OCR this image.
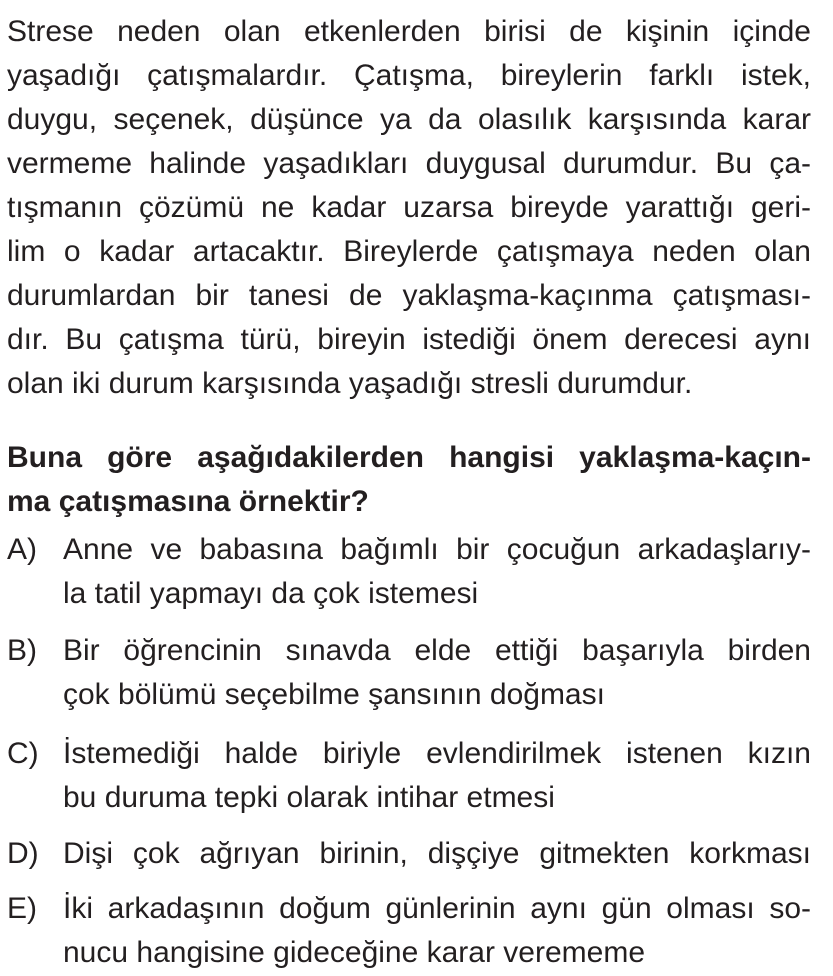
Strese neden olan etkenlerden birisi de kişinin içinde
yaşadığı çatışmalardır. Çatışma, bireylerin farklı istek,
duygu, seçenek, düşünce ya da olasılık karşısında karar
vermeme halinde yaşadıkları duygusal durumdur. Bu ça-
tışmanın çözümü ne kadar uzarsa bireyde yarattığı geri-
lim o kadar artacaktır. Bireylerde çatışmaya neden olan
durumlardan bir tanesi de yaklaşma-kaçınma çatışması-
dır. Bu çatışma türü, bireyin istediği önem derecesi aynı
olan iki durum karşısında yaşadığı stresli durumdur.
Buna göre aşağıdakilerden hangisi yaklaşma-kaçın-
ma çatışmasına örnektir?
A) Anne ve babasına bağımlı bir çocuğun arkadaşlarıy-
la tatil yapmayı da çok istemesi
B) Bir öğrencinin sınavda elde ettiği başarıyla birden
çok bölümü seçebilme şansının doğması
C) İstemediği halde biriyle evlendirilmek istenen kızın
bu duruma tepki olarak intihar etmesi
D) Dişi çok ağrıyan birinin, dişçiye gitmekten korkması
E) İki arkadaşının doğum günlerinin aynı gün olması so-
nucu hangisine gideceğine karar verememe
